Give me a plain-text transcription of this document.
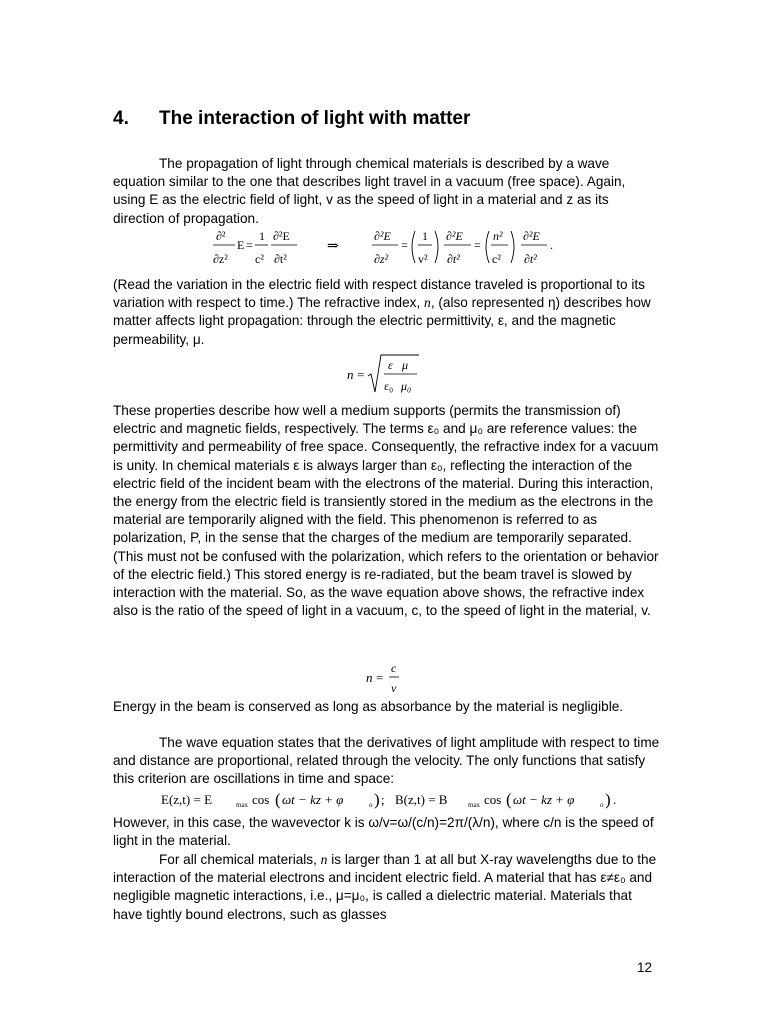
4. The interaction of light with matter

The propagation of light through chemical materials is described by a wave equation similar to the one that describes light travel in a vacuum (free space). Again, using E as the electric field of light, v as the speed of light in a material and z as its direction of propagation.

∂²
∂z²
E =
1
c²
∂²E
∂t²
⇒
∂²E
∂z²
=
1
v²
∂²E
∂t²
=
n²
c²
∂²E
∂t²
.

(Read the variation in the electric field with respect distance traveled is proportional to its variation with respect to time.) The refractive index, n, (also represented η) describes how matter affects light propagation: through the electric permittivity, ε, and the magnetic permeability, μ.

n =
ε μ
ε₀ μ₀

These properties describe how well a medium supports (permits the transmission of) electric and magnetic fields, respectively. The terms ε₀ and μ₀ are reference values: the permittivity and permeability of free space. Consequently, the refractive index for a vacuum is unity. In chemical materials ε is always larger than ε₀, reflecting the interaction of the electric field of the incident beam with the electrons of the material. During this interaction, the energy from the electric field is transiently stored in the medium as the electrons in the material are temporarily aligned with the field. This phenomenon is referred to as polarization, P, in the sense that the charges of the medium are temporarily separated. (This must not be confused with the polarization, which refers to the orientation or behavior of the electric field.) This stored energy is re-radiated, but the beam travel is slowed by interaction with the material. So, as the wave equation above shows, the refractive index also is the ratio of the speed of light in a vacuum, c, to the speed of light in the material, v.

n =
c
v

Energy in the beam is conserved as long as absorbance by the material is negligible.

The wave equation states that the derivatives of light amplitude with respect to time and distance are proportional, related through the velocity. The only functions that satisfy this criterion are oscillations in time and space:

E(z,t) = E	max cos ( ωt − kz + φ	o ) ; B(z,t) = B	max cos ( ωt − kz + φ	o ) .

However, in this case, the wavevector k is ω/v=ω/(c/n)=2π/(λ/n), where c/n is the speed of light in the material.

For all chemical materials, n is larger than 1 at all but X-ray wavelengths due to the interaction of the material electrons and incident electric field. A material that has ε≠ε₀ and negligible magnetic interactions, i.e., μ=μ₀, is called a dielectric material. Materials that have tightly bound electrons, such as glasses

12
